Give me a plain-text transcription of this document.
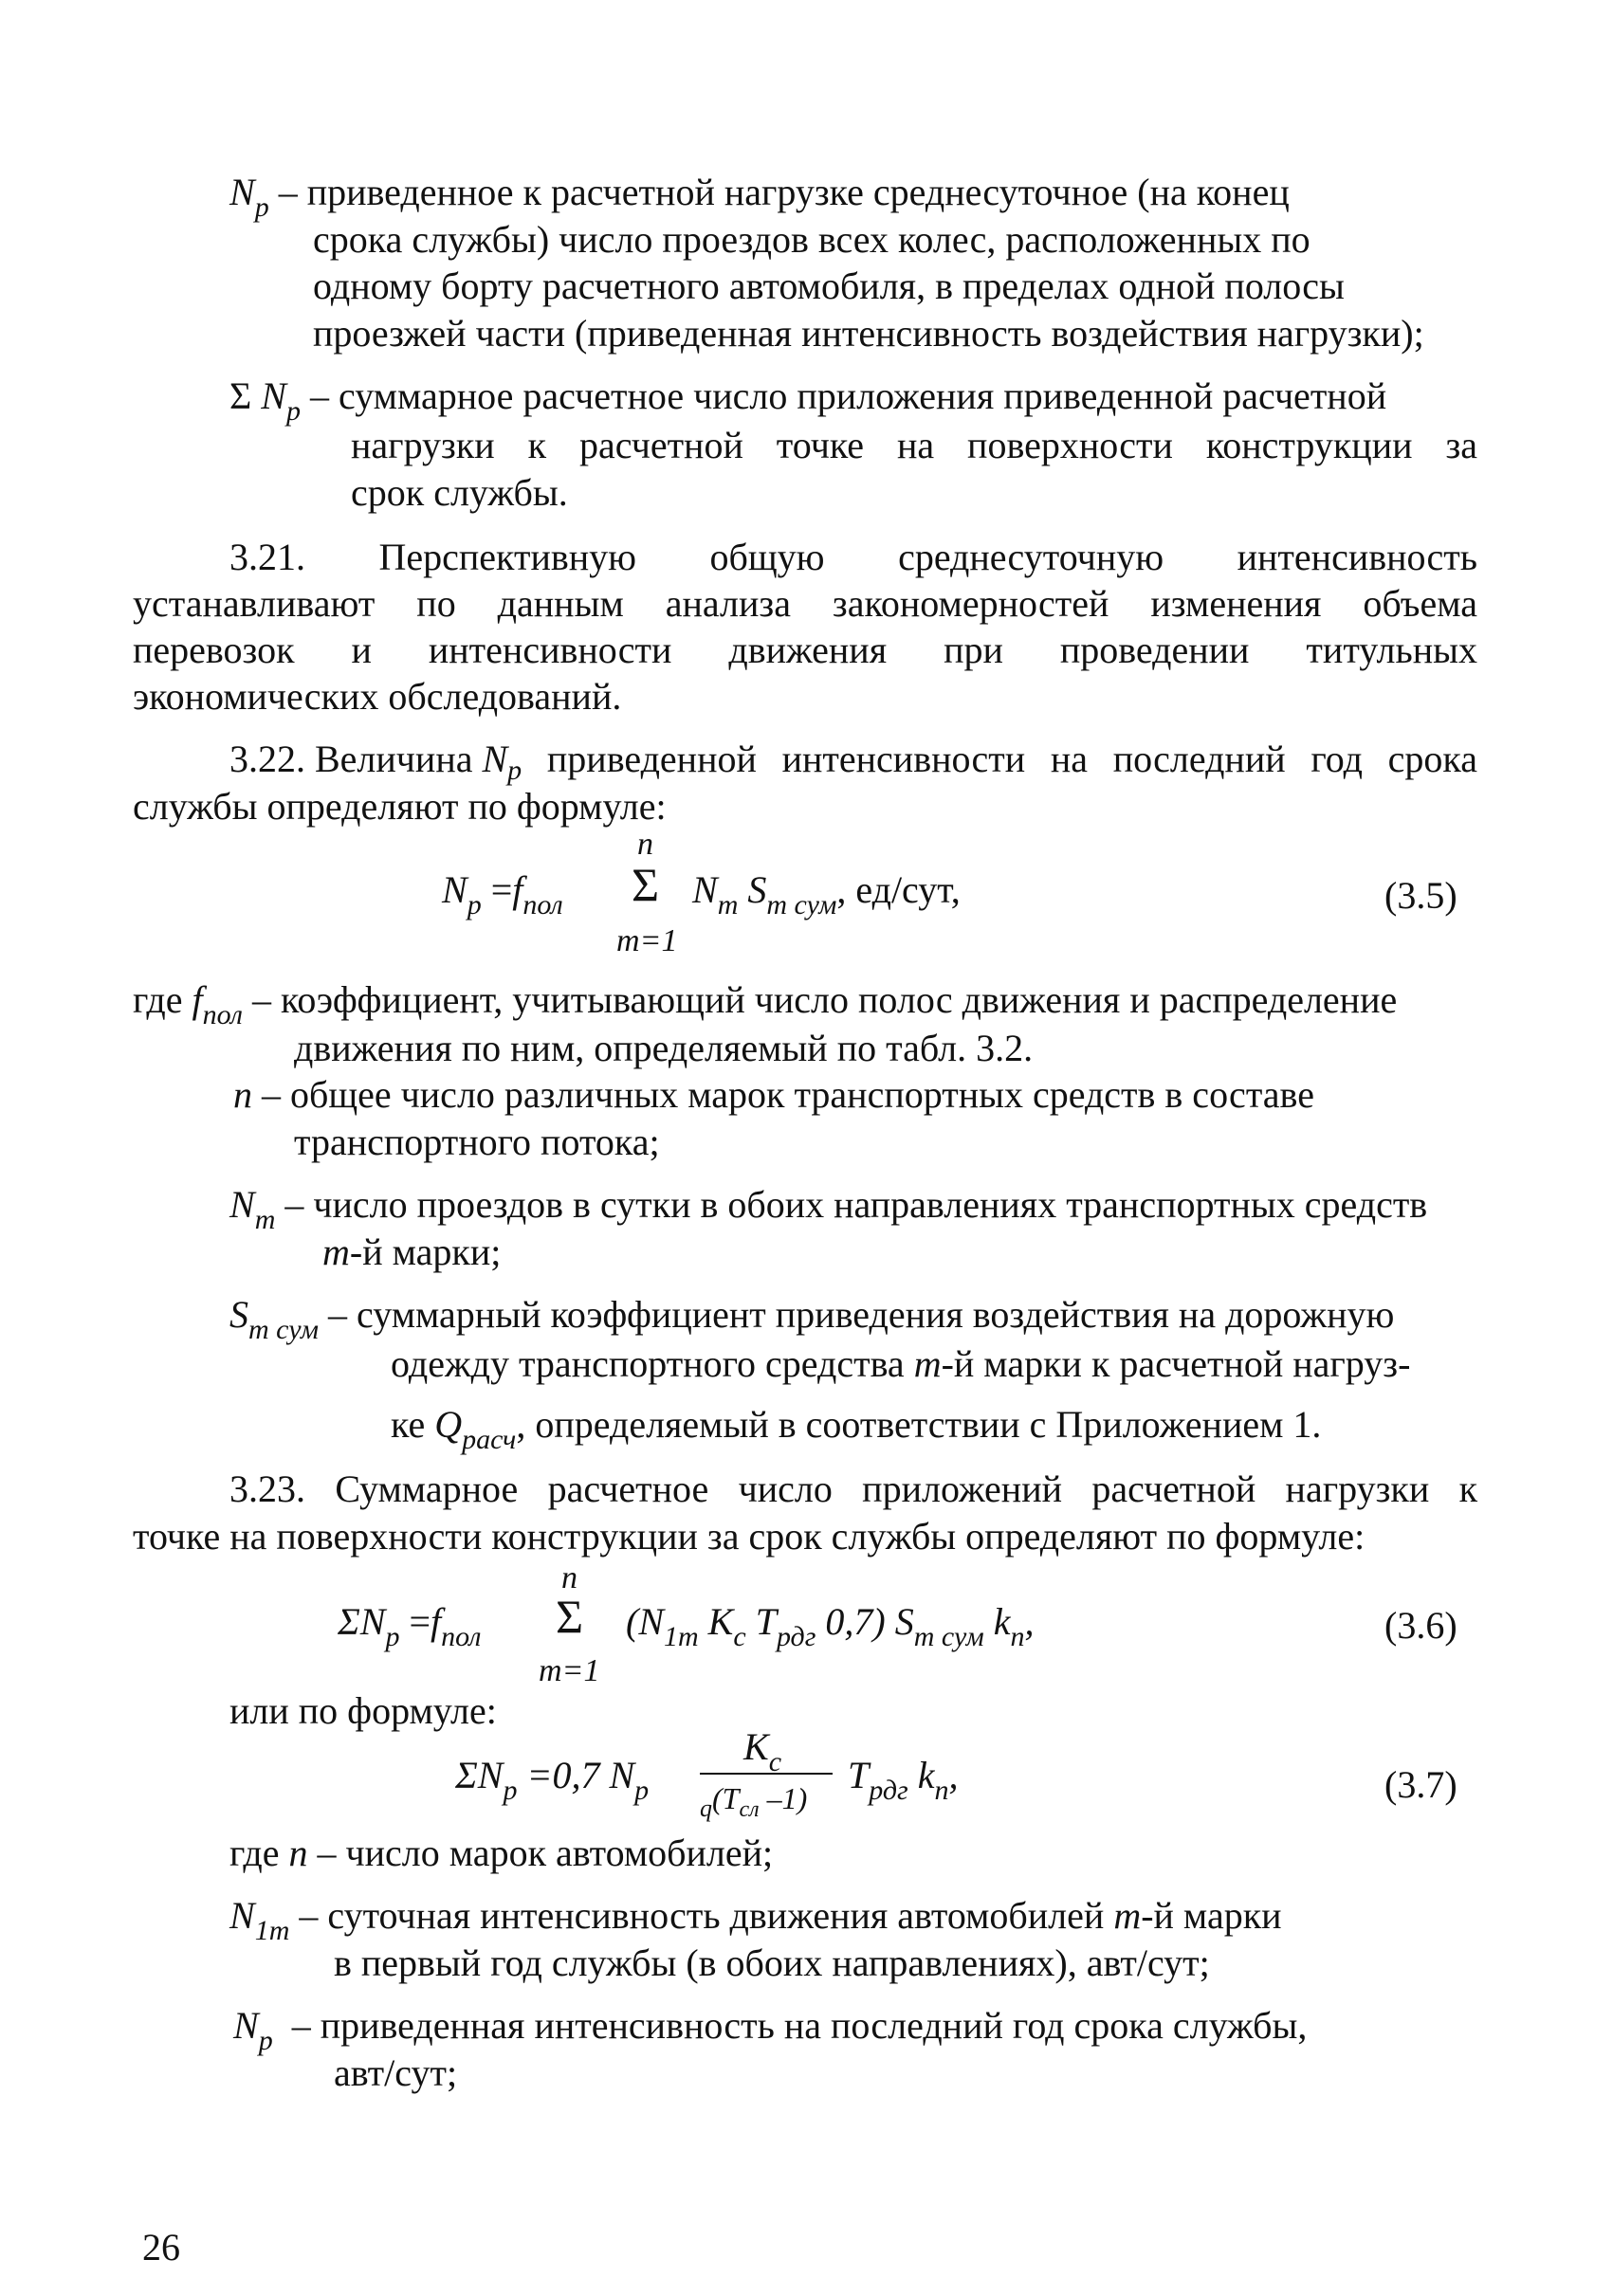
$N_p$ – приведенное к расчетной нагрузке среднесуточное (на конец
срока службы) число проездов всех колес, расположенных по
одному борту расчетного автомобиля, в пределах одной полосы
проезжей части (приведенная интенсивность воздействия нагрузки);
Σ $N_p$ – суммарное расчетное число приложения приведенной расчетной
нагрузки к расчетной точке на поверхности конструкции за
срок службы.
3.21. Перспективную общую среднесуточную интенсивность
устанавливают по данным анализа закономерностей изменения объема
перевозок и интенсивности движения при проведении титульных
экономических обследований.
3.22. Величина N p приведенной интенсивности на последний год срока
службы определяют по формуле:
n
$N_p =f_{пол}$ Σ $N_m$ $S_{m сум}$, ед/сут,
m=1
(3.5)
где $f_{пол}$ – коэффициент, учитывающий число полос движения и распределение
движения по ним, определяемый по табл. 3.2.
n – общее число различных марок транспортных средств в составе
транспортного потока;
$N_m$ – число проездов в сутки в обоих направлениях транспортных средств
m-й марки;
$S_{m сум}$ – суммарный коэффициент приведения воздействия на дорожную
одежду транспортного средства m-й марки к расчетной нагруз-
ке $Q_{расч}$, определяемый в соответствии с Приложением 1.
3.23. Суммарное расчетное число приложений расчетной нагрузки к
точке на поверхности конструкции за срок службы определяют по формуле:
n
$\Sigma N_p =f_{пол}$ Σ ($N_{1m}$ $K_c$ $T_{рдг}$ 0,7) $S_{m сум}$ $k_n$,
m=1
(3.6)
или по формуле:
$\Sigma N_p =0,7$ $N_p$
$K_c$
$_q(T_{сл}$ –1)
$T_{рдг}$ $k_n$,	(3.7)
где n – число марок автомобилей;
$N_{1m}$ – суточная интенсивность движения автомобилей m-й марки
в первый год службы (в обоих направлениях), авт/сут;
$N_p$  – приведенная интенсивность на последний год срока службы,
авт/сут;
26
